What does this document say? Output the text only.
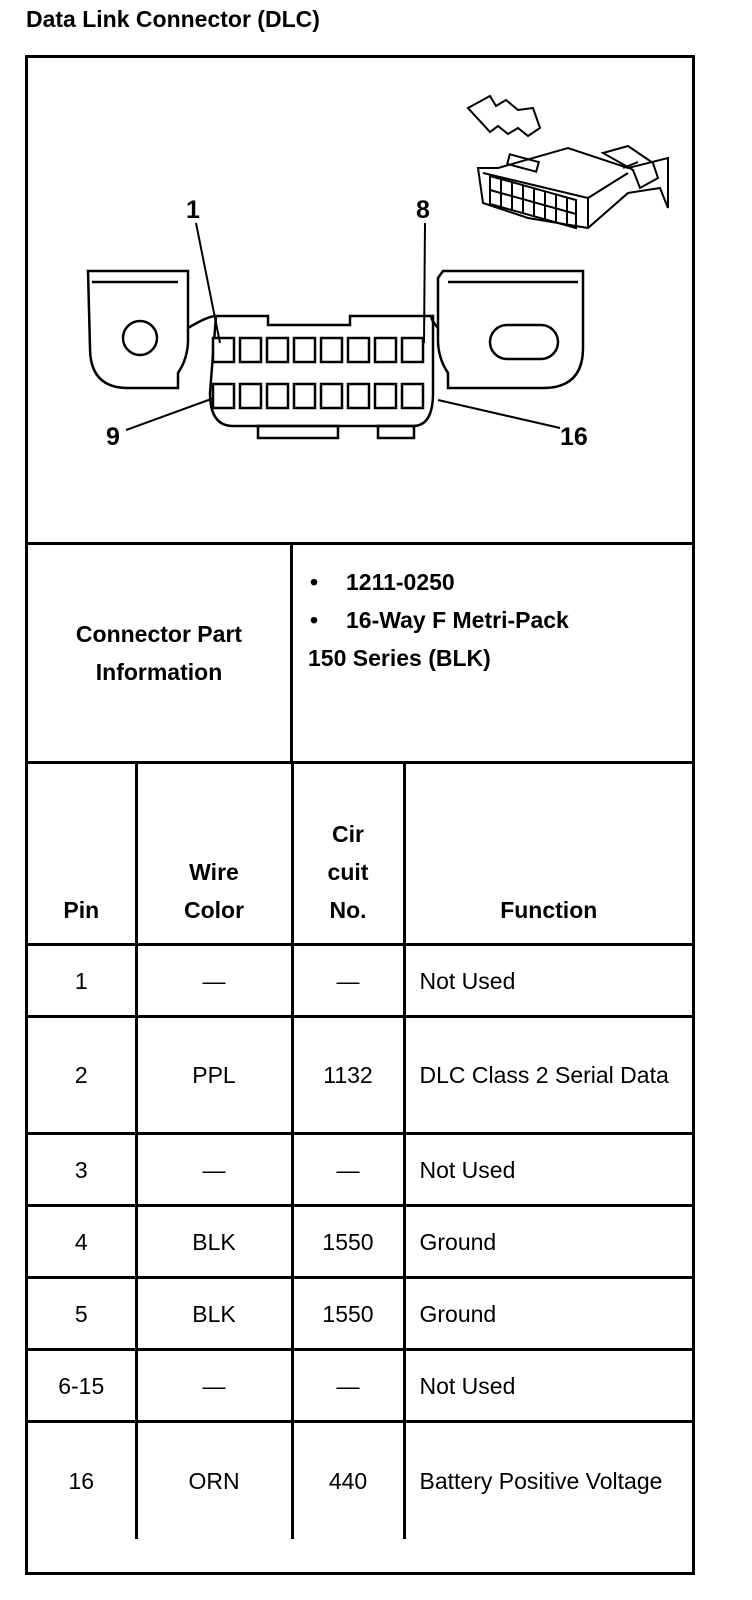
Data Link Connector (DLC)
1	8
9	16
Connector Part Information
• 1211-0250
• 16-Way F Metri-Pack
150 Series (BLK)
Pin	Wire Color	Cir cuit No.	Function
1	—	—	Not Used
2	PPL	1132	DLC Class 2 Serial Data
3	—	—	Not Used
4	BLK	1550	Ground
5	BLK	1550	Ground
6-15	—	—	Not Used
16	ORN	440	Battery Positive Voltage
